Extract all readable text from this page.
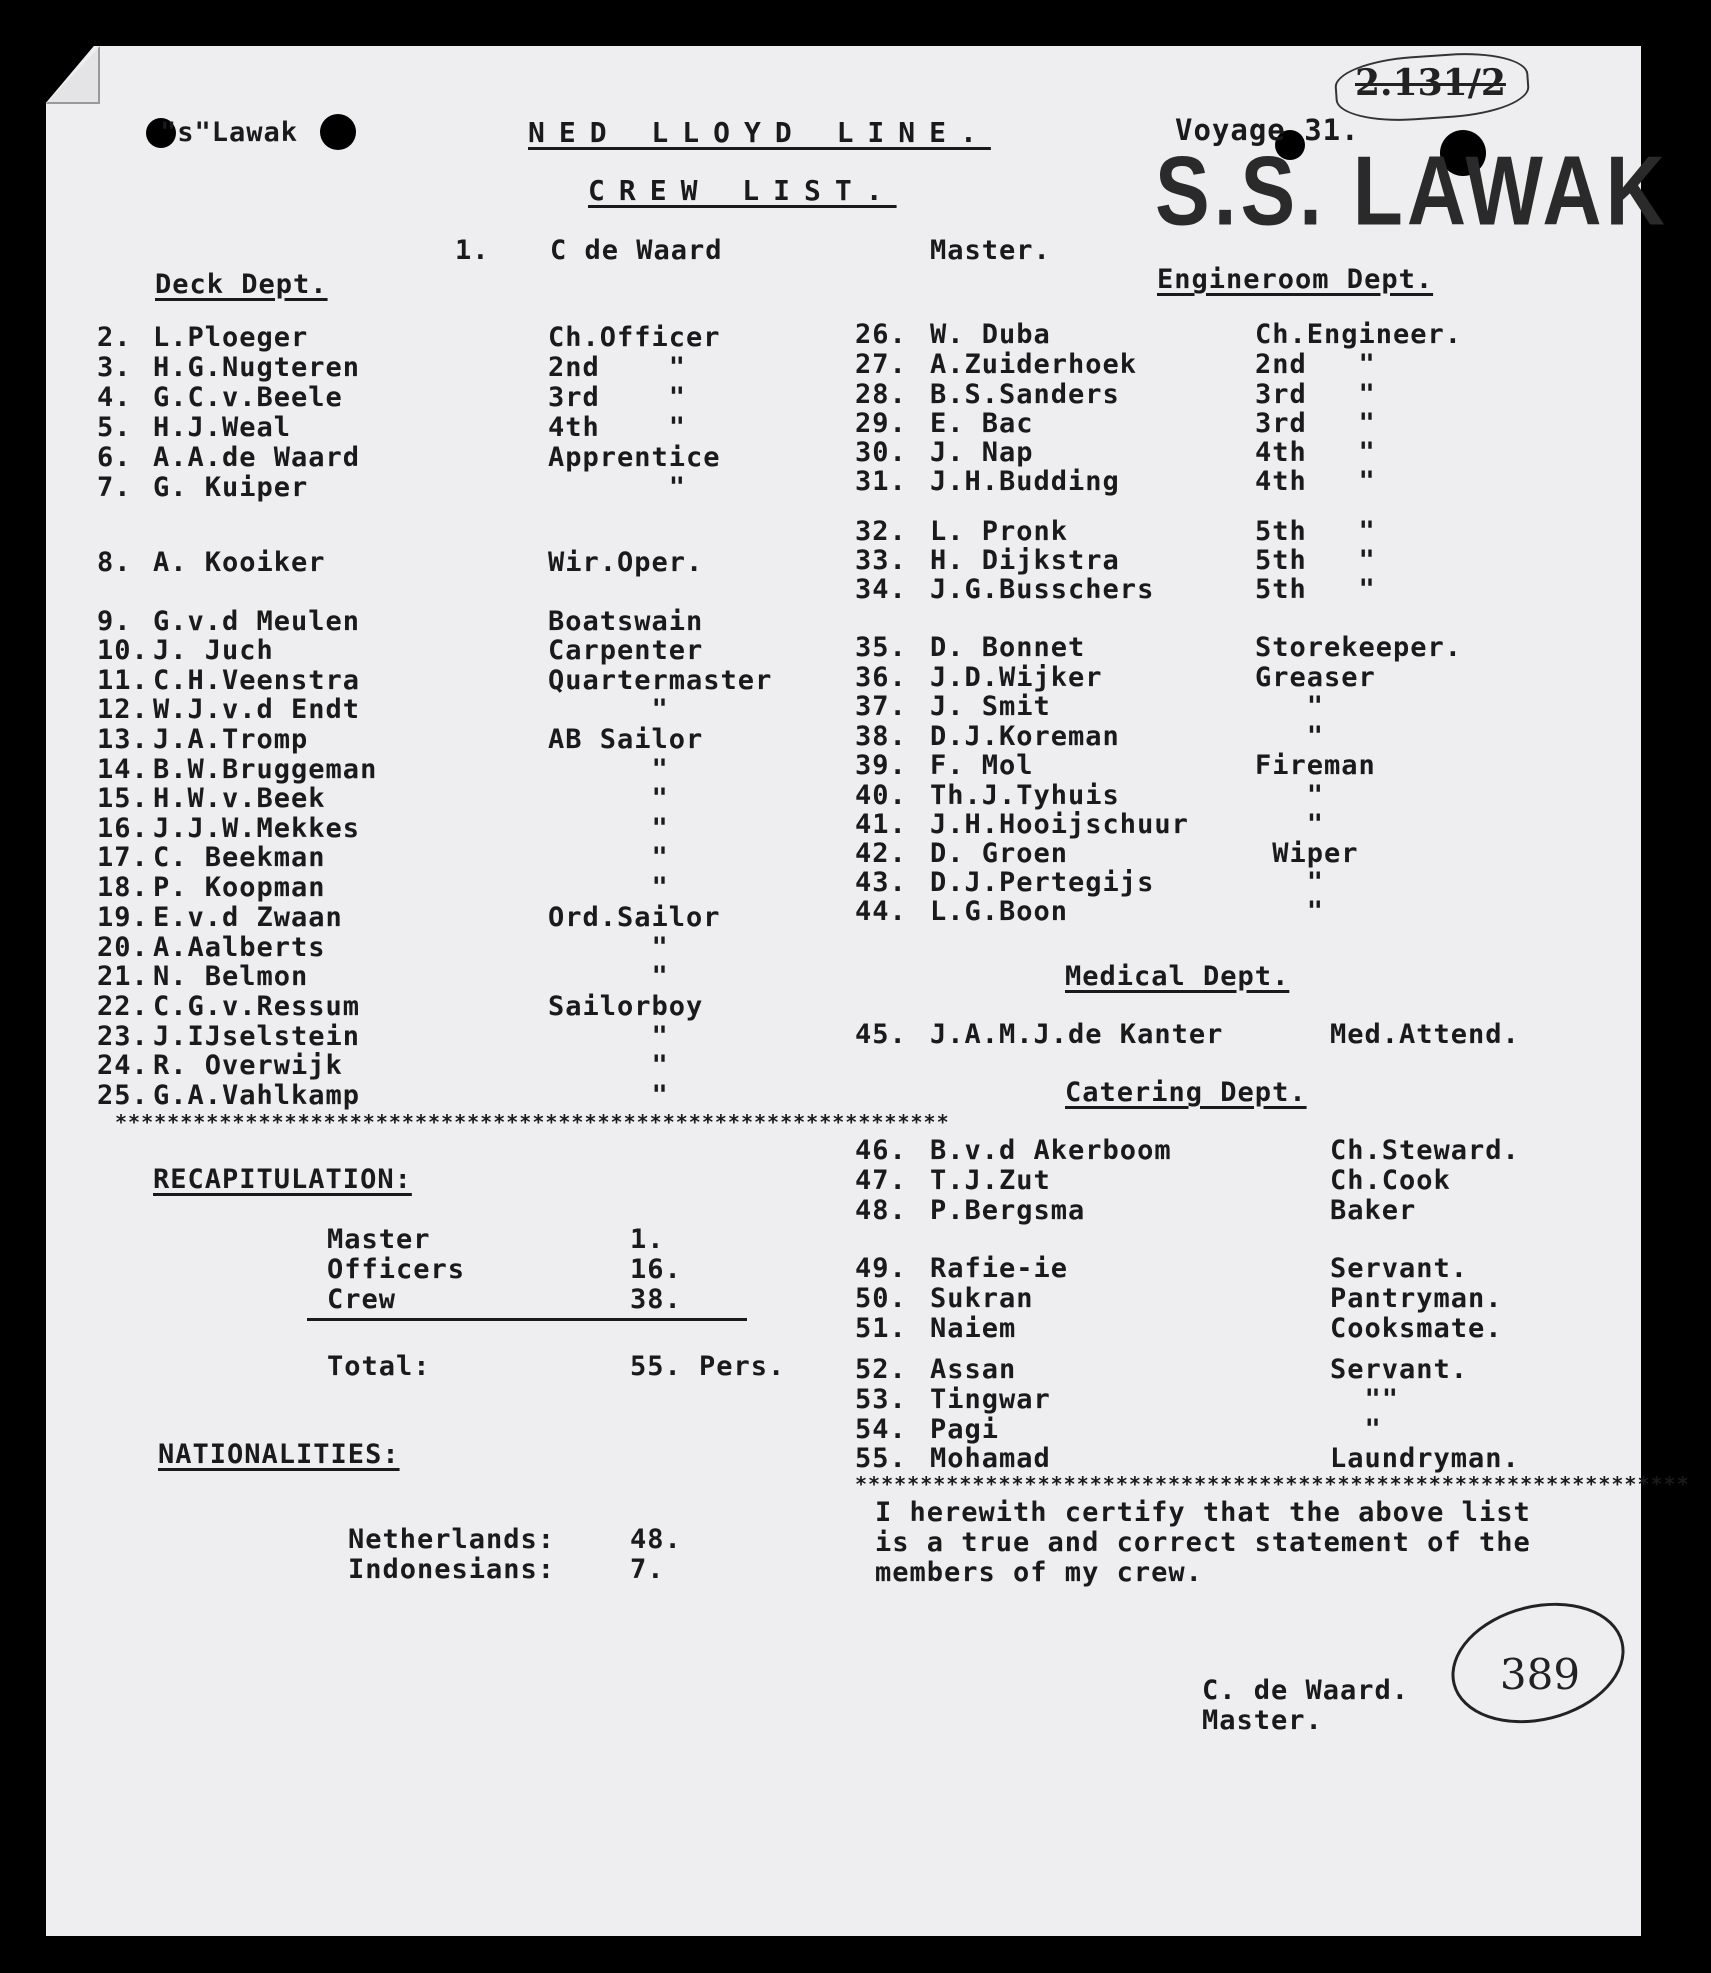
"s"Lawak	NED LLOYD LINE.
CREW LIST.
Voyage 31.
S.S. LAWAK
2.131/2
1. C de Waard	Master.
Deck Dept.	Engineroom Dept.
Medical Dept.
Catering Dept.
2. L.Ploeger	Ch.Officer
3. H.G.Nugteren	2nd    "
4. G.C.v.Beele	3rd    "
5. H.J.Weal	4th    "
6. A.A.de Waard	Apprentice
7. G. Kuiper	"
8. A. Kooiker	Wir.Oper.
9. G.v.d Meulen	Boatswain
10. J. Juch	Carpenter
11. C.H.Veenstra	Quartermaster
12. W.J.v.d Endt	"
13. J.A.Tromp	AB Sailor
14. B.W.Bruggeman	"
15. H.W.v.Beek	"
16. J.J.W.Mekkes	"
17. C. Beekman	"
18. P. Koopman	"
19. E.v.d Zwaan	Ord.Sailor
20. A.Aalberts	"
21. N. Belmon	"
22. C.G.v.Ressum	Sailorboy
23. J.IJselstein	"
24. R. Overwijk	"
25. G.A.Vahlkamp	"
26. W. Duba	Ch.Engineer.
27. A.Zuiderhoek	2nd   "
28. B.S.Sanders	3rd   "
29. E. Bac	3rd   "
30. J. Nap	4th   "
31. J.H.Budding	4th   "
32. L. Pronk	5th   "
33. H. Dijkstra	5th   "
34. J.G.Busschers	5th   "
35. D. Bonnet	Storekeeper.
36. J.D.Wijker	Greaser
37. J. Smit	"
38. D.J.Koreman	"
39. F. Mol	Fireman
40. Th.J.Tyhuis	"
41. J.H.Hooijschuur "
42. D. Groen	Wiper
43. D.J.Pertegijs	"
44. L.G.Boon	"
45. J.A.M.J.de Kanter	Med.Attend.
46. B.v.d Akerboom	Ch.Steward.
47. T.J.Zut	Ch.Cook
48. P.Bergsma	Baker
49. Rafie-ie	Servant.
50. Sukran	Pantryman.
51. Naiem	Cooksmate.
52. Assan	Servant.
53. Tingwar	""
54. Pagi	"
55. Mohamad	Laundryman.
****************************************************************
****************************************************************
RECAPITULATION:
Master	1.
Officers	16.
Crew	38.
Total:	55. Pers.
NATIONALITIES:
Netherlands:	48.
Indonesians:	7.
I herewith certify that the above list
is a true and correct statement of the
members of my crew.
C. de Waard.
Master.
389
